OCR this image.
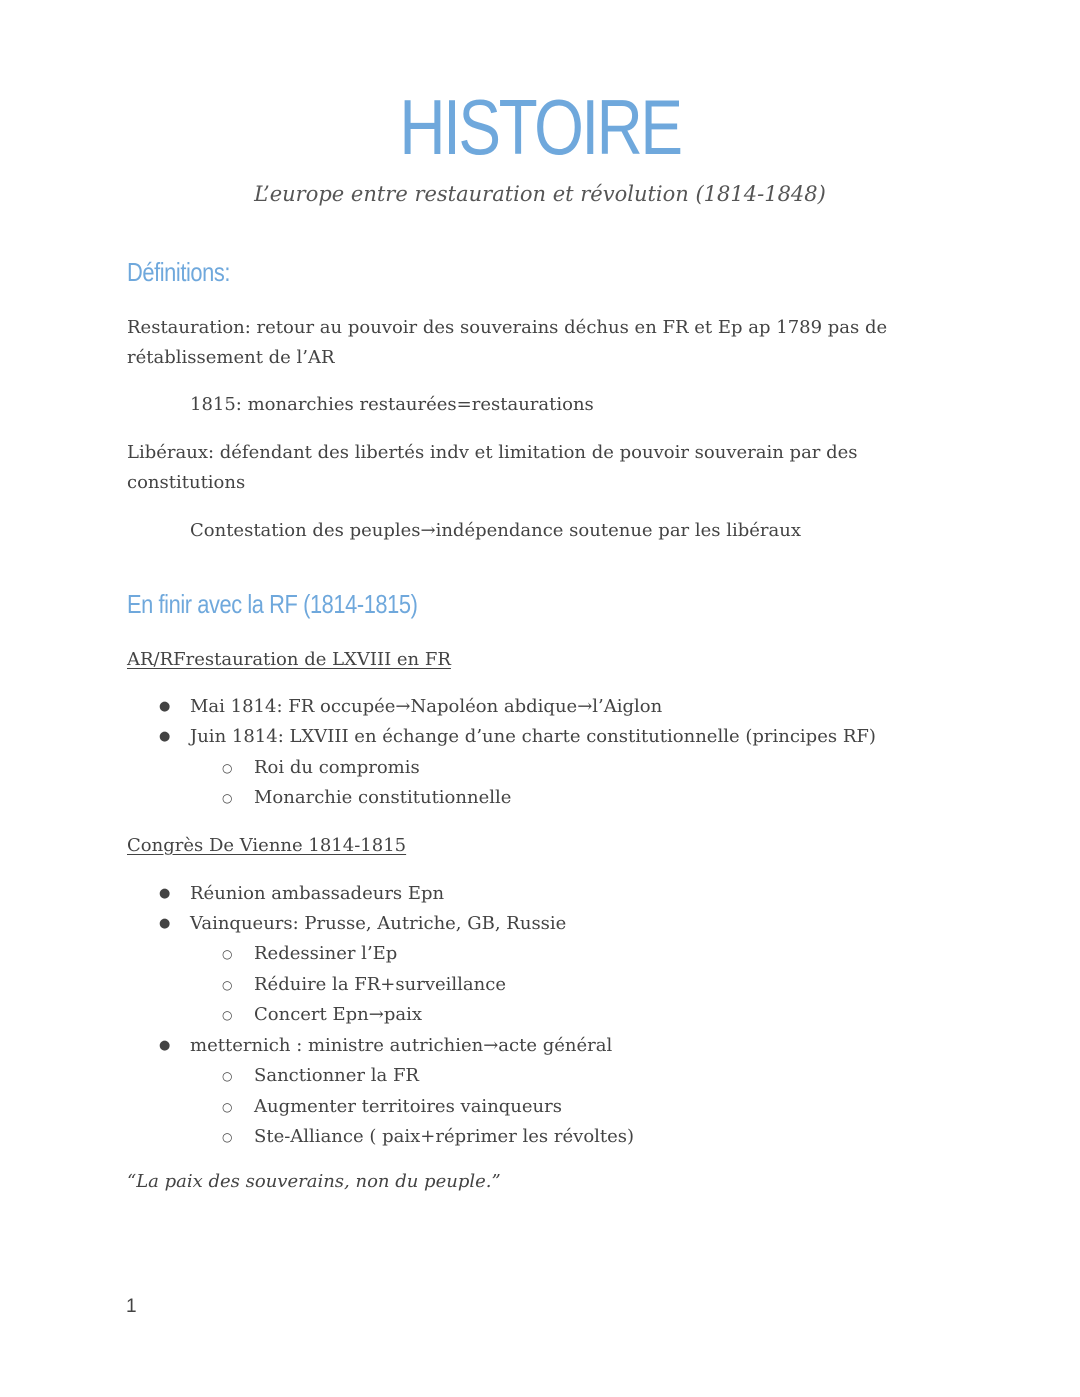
HISTOIRE
L’europe entre restauration et révolution (1814-1848)
Définitions:
Restauration: retour au pouvoir des souverains déchus en FR et Ep ap 1789 pas de rétablissement de l’AR
1815: monarchies restaurées=restaurations
Libéraux: défendant des libertés indv et limitation de pouvoir souverain par des constitutions
Contestation des peuples→indépendance soutenue par les libéraux
En finir avec la RF (1814-1815)
AR/RFrestauration de LXVIII en FR
● Mai 1814: FR occupée→Napoléon abdique→l’Aiglon
● Juin 1814: LXVIII en échange d’une charte constitutionnelle (principes RF)
○ Roi du compromis
○ Monarchie constitutionnelle
Congrès De Vienne 1814-1815
● Réunion ambassadeurs Epn
● Vainqueurs: Prusse, Autriche, GB, Russie
○ Redessiner l’Ep
○ Réduire la FR+surveillance
○ Concert Epn→paix
● metternich : ministre autrichien→acte général
○ Sanctionner la FR
○ Augmenter territoires vainqueurs
○ Ste-Alliance ( paix+réprimer les révoltes)
“La paix des souverains, non du peuple.”
1
